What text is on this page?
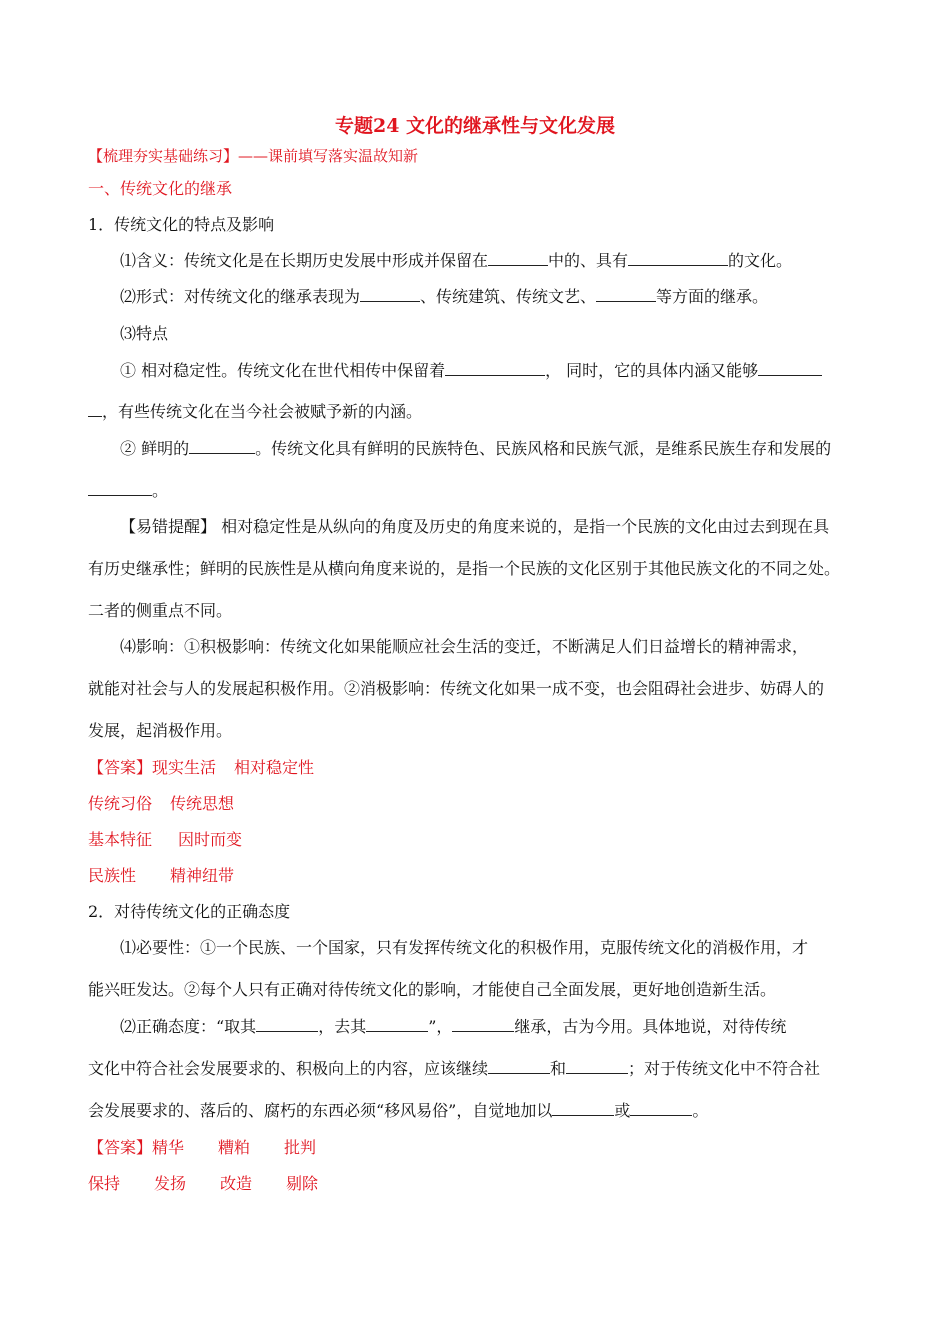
专题24 文化的继承性与文化发展
【梳理夯实基础练习】——课前填写落实温故知新
一、传统文化的继承
1．传统文化的特点及影响
⑴含义：传统文化是在长期历史发展中形成并保留在	中的、具有	的文化。
⑵形式：对传统文化的继承表现为	、传统建筑、传统文艺、	等方面的继承。
⑶特点
① 相对稳定性。传统文化在世代相传中保留着	， 同时，它的具体内涵又能够
，有些传统文化在当今社会被赋予新的内涵。
② 鲜明的	。传统文化具有鲜明的民族特色、民族风格和民族气派，是维系民族生存和发展的
。
【易错提醒】 相对稳定性是从纵向的角度及历史的角度来说的，是指一个民族的文化由过去到现在具
有历史继承性；鲜明的民族性是从横向角度来说的，是指一个民族的文化区别于其他民族文化的不同之处。
二者的侧重点不同。
⑷影响：①积极影响：传统文化如果能顺应社会生活的变迁，不断满足人们日益增长的精神需求，
就能对社会与人的发展起积极作用。②消极影响：传统文化如果一成不变，也会阻碍社会进步、妨碍人的
发展，起消极作用。
【答案】现实生活 相对稳定性
传统习俗 传统思想
基本特征 因时而变
民族性 精神纽带
2．对待传统文化的正确态度
⑴必要性：①一个民族、一个国家，只有发挥传统文化的积极作用，克服传统文化的消极作用，才
能兴旺发达。②每个人只有正确对待传统文化的影响，才能使自己全面发展，更好地创造新生活。
⑵正确态度：“取其	，去其	”，	继承，古为今用。具体地说，对待传统
文化中符合社会发展要求的、积极向上的内容，应该继续	和	；对于传统文化中不符合社
会发展要求的、落后的、腐朽的东西必须“移风易俗”，自觉地加以	或	。
【答案】精华 糟粕 批判
保持 发扬 改造 剔除
